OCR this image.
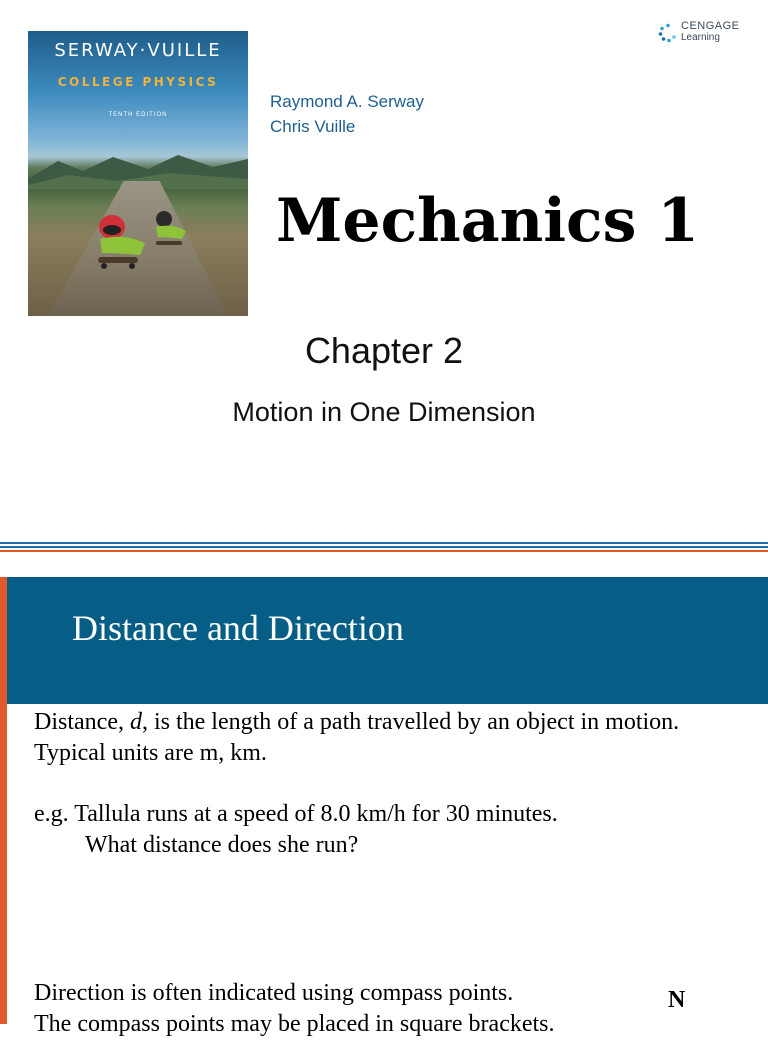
SERWAY·VUILLE
COLLEGE PHYSICS
TENTH EDITION
CENGAGE
Learning
Raymond A. Serway
Chris Vuille
Mechanics 1
Chapter 2
Motion in One Dimension
Distance and Direction
Distance, d, is the length of a path travelled by an object in motion.
Typical units are m, km.
e.g. Tallula runs at a speed of 8.0 km/h for 30 minutes.
What distance does she run?
Direction is often indicated using compass points.
The compass points may be placed in square brackets.
N
